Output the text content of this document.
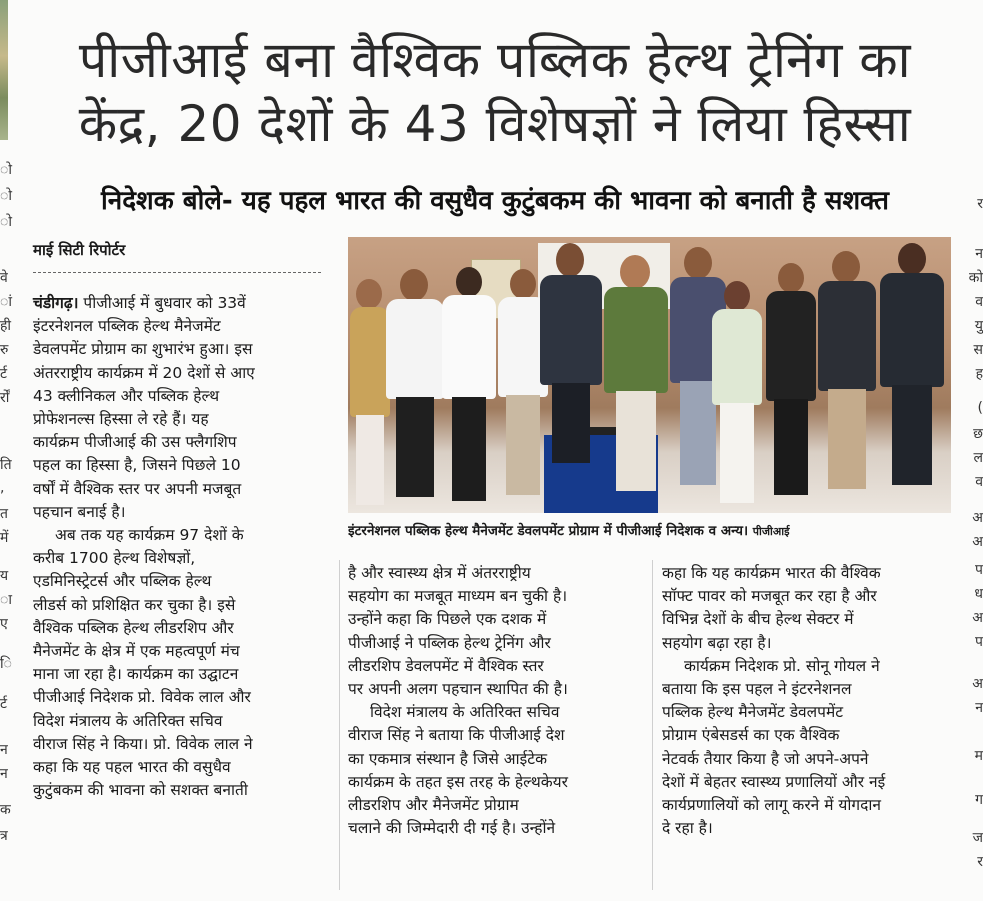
ो
ो
ो
वे
ां
ही
रु
र्ट
र्रों
ति
,
त
में
य
ा
ए
ि
र्ट
न
न
क
त्र
र
न
को
व
यु
स
ह
(
छ
ल
व
अ
अ
प
ध
अ
प
अ
न
म
ग
ज
र
पीजीआई बना वैश्विक पब्लिक हेल्थ ट्रेनिंग का
केंद्र, 20 देशों के 43 विशेषज्ञों ने लिया हिस्सा
निदेशक बोले- यह पहल भारत की वसुधैव कुटुंबकम की भावना को बनाती है सशक्त
माई सिटी रिपोर्टर
इंटरनेशनल पब्लिक हेल्थ मैनेजमेंट डेवलपमेंट प्रोग्राम में पीजीआई निदेशक व अन्य। पीजीआई
चंडीगढ़। पीजीआई में बुधवार को 33वें
इंटरनेशनल पब्लिक हेल्थ मैनेजमेंट
डेवलपमेंट प्रोग्राम का शुभारंभ हुआ। इस
अंतरराष्ट्रीय कार्यक्रम में 20 देशों से आए
43 क्लीनिकल और पब्लिक हेल्थ
प्रोफेशनल्स हिस्सा ले रहे हैं। यह
कार्यक्रम पीजीआई की उस फ्लैगशिप
पहल का हिस्सा है, जिसने पिछले 10
वर्षों में वैश्विक स्तर पर अपनी मजबूत
पहचान बनाई है।
अब तक यह कार्यक्रम 97 देशों के
करीब 1700 हेल्थ विशेषज्ञों,
एडमिनिस्ट्रेटर्स और पब्लिक हेल्थ
लीडर्स को प्रशिक्षित कर चुका है। इसे
वैश्विक पब्लिक हेल्थ लीडरशिप और
मैनेजमेंट के क्षेत्र में एक महत्वपूर्ण मंच
माना जा रहा है। कार्यक्रम का उद्घाटन
पीजीआई निदेशक प्रो. विवेक लाल और
विदेश मंत्रालय के अतिरिक्त सचिव
वीराज सिंह ने किया। प्रो. विवेक लाल ने
कहा कि यह पहल भारत की वसुधैव
कुटुंबकम की भावना को सशक्त बनाती
है और स्वास्थ्य क्षेत्र में अंतरराष्ट्रीय
सहयोग का मजबूत माध्यम बन चुकी है।
उन्होंने कहा कि पिछले एक दशक में
पीजीआई ने पब्लिक हेल्थ ट्रेनिंग और
लीडरशिप डेवलपमेंट में वैश्विक स्तर
पर अपनी अलग पहचान स्थापित की है।
विदेश मंत्रालय के अतिरिक्त सचिव
वीराज सिंह ने बताया कि पीजीआई देश
का एकमात्र संस्थान है जिसे आईटेक
कार्यक्रम के तहत इस तरह के हेल्थकेयर
लीडरशिप और मैनेजमेंट प्रोग्राम
चलाने की जिम्मेदारी दी गई है। उन्होंने
कहा कि यह कार्यक्रम भारत की वैश्विक
सॉफ्ट पावर को मजबूत कर रहा है और
विभिन्न देशों के बीच हेल्थ सेक्टर में
सहयोग बढ़ा रहा है।
कार्यक्रम निदेशक प्रो. सोनू गोयल ने
बताया कि इस पहल ने इंटरनेशनल
पब्लिक हेल्थ मैनेजमेंट डेवलपमेंट
प्रोग्राम एंबेसडर्स का एक वैश्विक
नेटवर्क तैयार किया है जो अपने-अपने
देशों में बेहतर स्वास्थ्य प्रणालियों और नई
कार्यप्रणालियों को लागू करने में योगदान
दे रहा है।
